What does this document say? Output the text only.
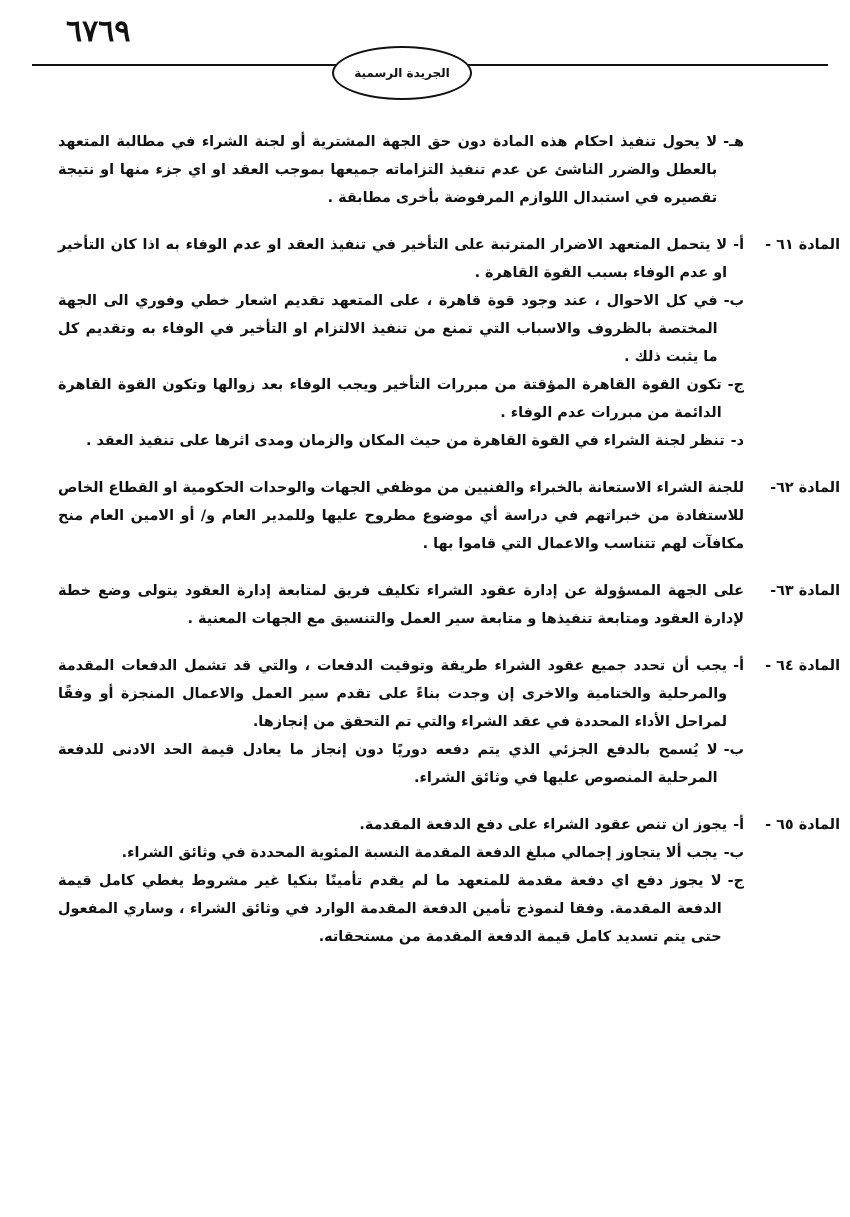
٦٧٦٩
الجريدة الرسمية
هـ-
لا يحول تنفيذ احكام هذه المادة دون حق الجهة المشترية أو لجنة الشراء في مطالبة المتعهد بالعطل والضرر الناشئ عن عدم تنفيذ التزاماته جميعها بموجب العقد او اي جزء منها او نتيجة تقصيره في استبدال اللوازم المرفوضة بأخرى مطابقة .
المادة ٦١ -
أ-
لا يتحمل المتعهد الاضرار المترتبة على التأخير في تنفيذ العقد او عدم الوفاء به اذا كان التأخير او عدم الوفاء بسبب القوة القاهرة .
ب-
في كل الاحوال ، عند وجود قوة قاهرة ، على المتعهد تقديم اشعار خطي وفوري الى الجهة المختصة بالظروف والاسباب التي تمنع من تنفيذ الالتزام او التأخير في الوفاء به وتقديم كل ما يثبت ذلك .
ج-
تكون القوة القاهرة المؤقتة من مبررات التأخير ويجب الوفاء بعد زوالها وتكون القوة القاهرة الدائمة من مبررات عدم الوفاء .
د-
تنظر لجنة الشراء في القوة القاهرة من حيث المكان والزمان ومدى اثرها على تنفيذ العقد .
المادة ٦٢-
للجنة الشراء الاستعانة بالخبراء والفنيين من موظفي الجهات والوحدات الحكومية او القطاع الخاص للاستفادة من خبراتهم في دراسة أي موضوع مطروح عليها وللمدير العام و/ أو الامين العام منح مكافآت لهم تتناسب والاعمال التي قاموا بها .
المادة ٦٣-
على الجهة المسؤولة عن إدارة عقود الشراء تكليف فريق لمتابعة إدارة العقود يتولى وضع خطة لإدارة العقود ومتابعة تنفيذها و متابعة سير العمل والتنسيق مع الجهات المعنية .
المادة ٦٤ -
أ-
يجب أن تحدد جميع عقود الشراء طريقة وتوقيت الدفعات ، والتي قد تشمل الدفعات المقدمة والمرحلية والختامية والاخرى إن وجدت بناءً على تقدم سير العمل والاعمال المنجزة أو وفقًا لمراحل الأداء المحددة في عقد الشراء والتي تم التحقق من إنجازها.
ب-
لا يُسمح بالدفع الجزئي الذي يتم دفعه دوريًا دون إنجاز ما يعادل قيمة الحد الادنى للدفعة المرحلية المنصوص عليها في وثائق الشراء.
المادة ٦٥ -
أ-
يجوز ان تنص عقود الشراء على دفع الدفعة المقدمة.
ب-
يجب ألا يتجاوز إجمالي مبلغ الدفعة المقدمة النسبة المئوية المحددة في وثائق الشراء.
ج-
لا يجوز دفع اي دفعة مقدمة للمتعهد ما لم يقدم تأمينًا بنكيا غير مشروط يغطي كامل قيمة الدفعة المقدمة. وفقا لنموذج تأمين الدفعة المقدمة الوارد في وثائق الشراء ، وساري المفعول حتى يتم تسديد كامل قيمة الدفعة المقدمة من مستحقاته.
